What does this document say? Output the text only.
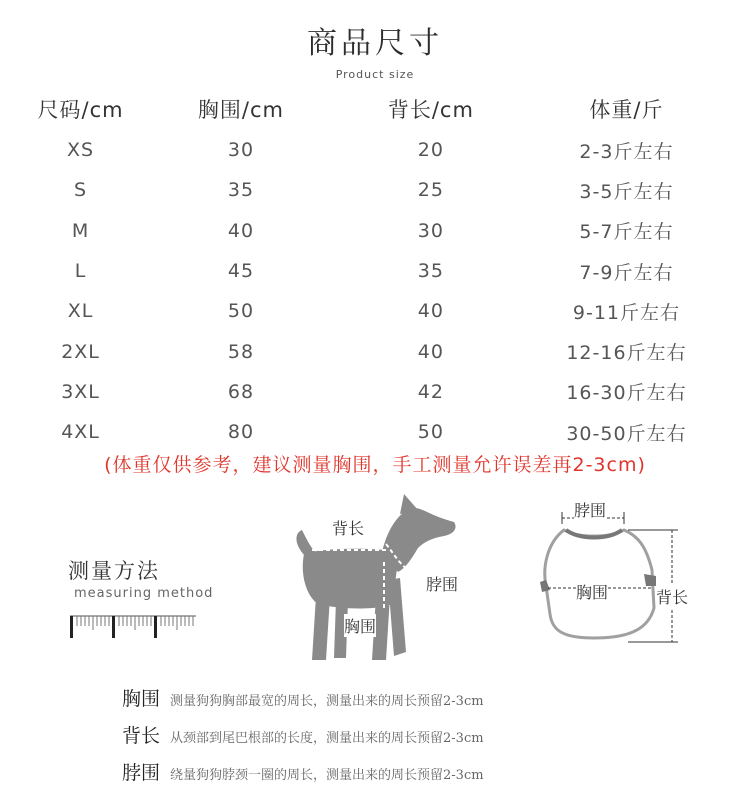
商品尺寸
Product size
尺码/cm	胸围/cm	背长/cm	体重/斤
XS	30	20	2-3斤左右
S	35	25	3-5斤左右
M	40	30	5-7斤左右
L	45	35	7-9斤左右
XL	50	40	9-11斤左右
2XL	58	40	12-16斤左右
3XL	68	42	16-30斤左右
4XL	80	50	30-50斤左右
(体重仅供参考，建议测量胸围，手工测量允许误差再2-3cm)
测量方法
measuring method
背长
脖围
胸围
脖围
胸围	背长
胸围 测量狗狗胸部最宽的周长，测量出来的周长预留2-3cm
背长 从颈部到尾巴根部的长度，测量出来的周长预留2-3cm
脖围 绕量狗狗脖颈一圈的周长，测量出来的周长预留2-3cm
